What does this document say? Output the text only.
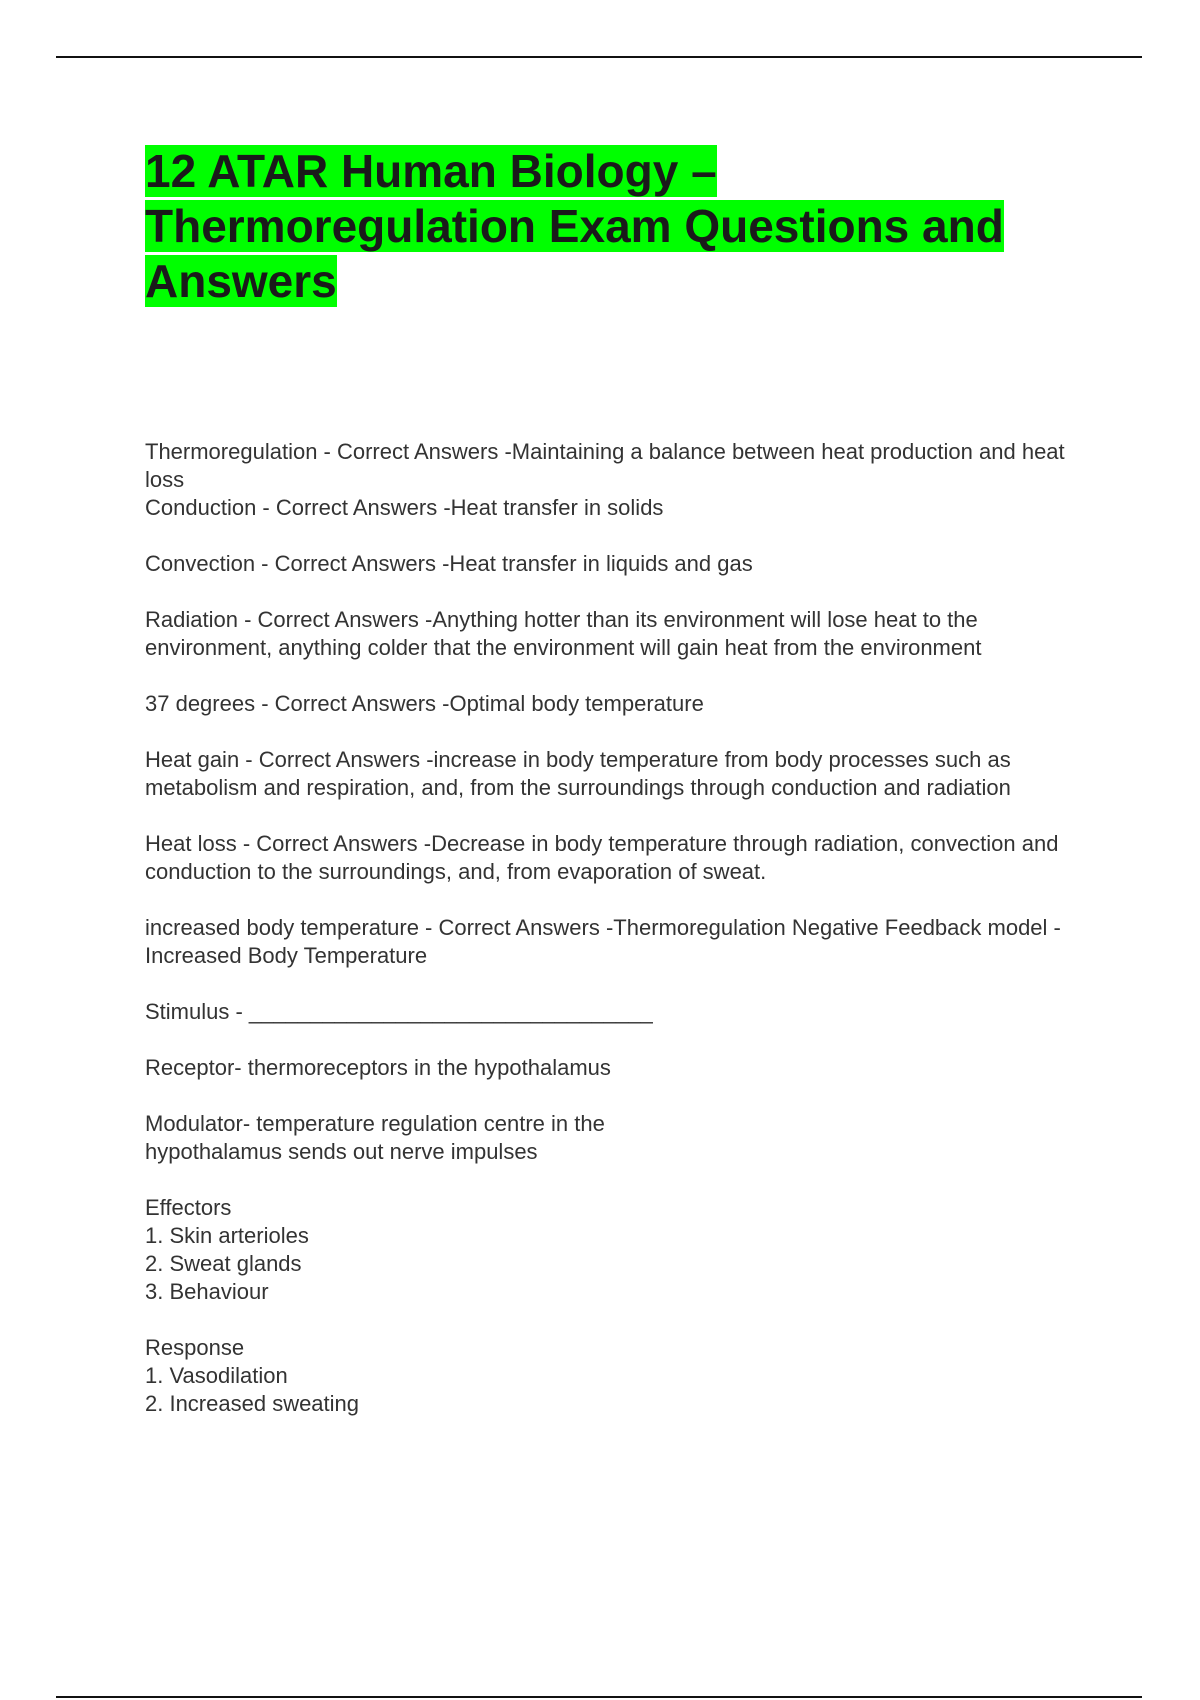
12 ATAR Human Biology – Thermoregulation Exam Questions and Answers

Thermoregulation - Correct Answers -Maintaining a balance between heat production and heat loss

Conduction - Correct Answers -Heat transfer in solids

Convection - Correct Answers -Heat transfer in liquids and gas

Radiation - Correct Answers -Anything hotter than its environment will lose heat to the environment, anything colder that the environment will gain heat from the environment

37 degrees - Correct Answers -Optimal body temperature

Heat gain - Correct Answers -increase in body temperature from body processes such as metabolism and respiration, and, from the surroundings through conduction and radiation

Heat loss - Correct Answers -Decrease in body temperature through radiation, convection and conduction to the surroundings, and, from evaporation of sweat.

increased body temperature - Correct Answers -Thermoregulation Negative Feedback model - Increased Body Temperature

Stimulus - _________________________________

Receptor- thermoreceptors in the hypothalamus

Modulator- temperature regulation centre in the
hypothalamus sends out nerve impulses

Effectors
1. Skin arterioles
2. Sweat glands
3. Behaviour

Response
1. Vasodilation
2. Increased sweating
